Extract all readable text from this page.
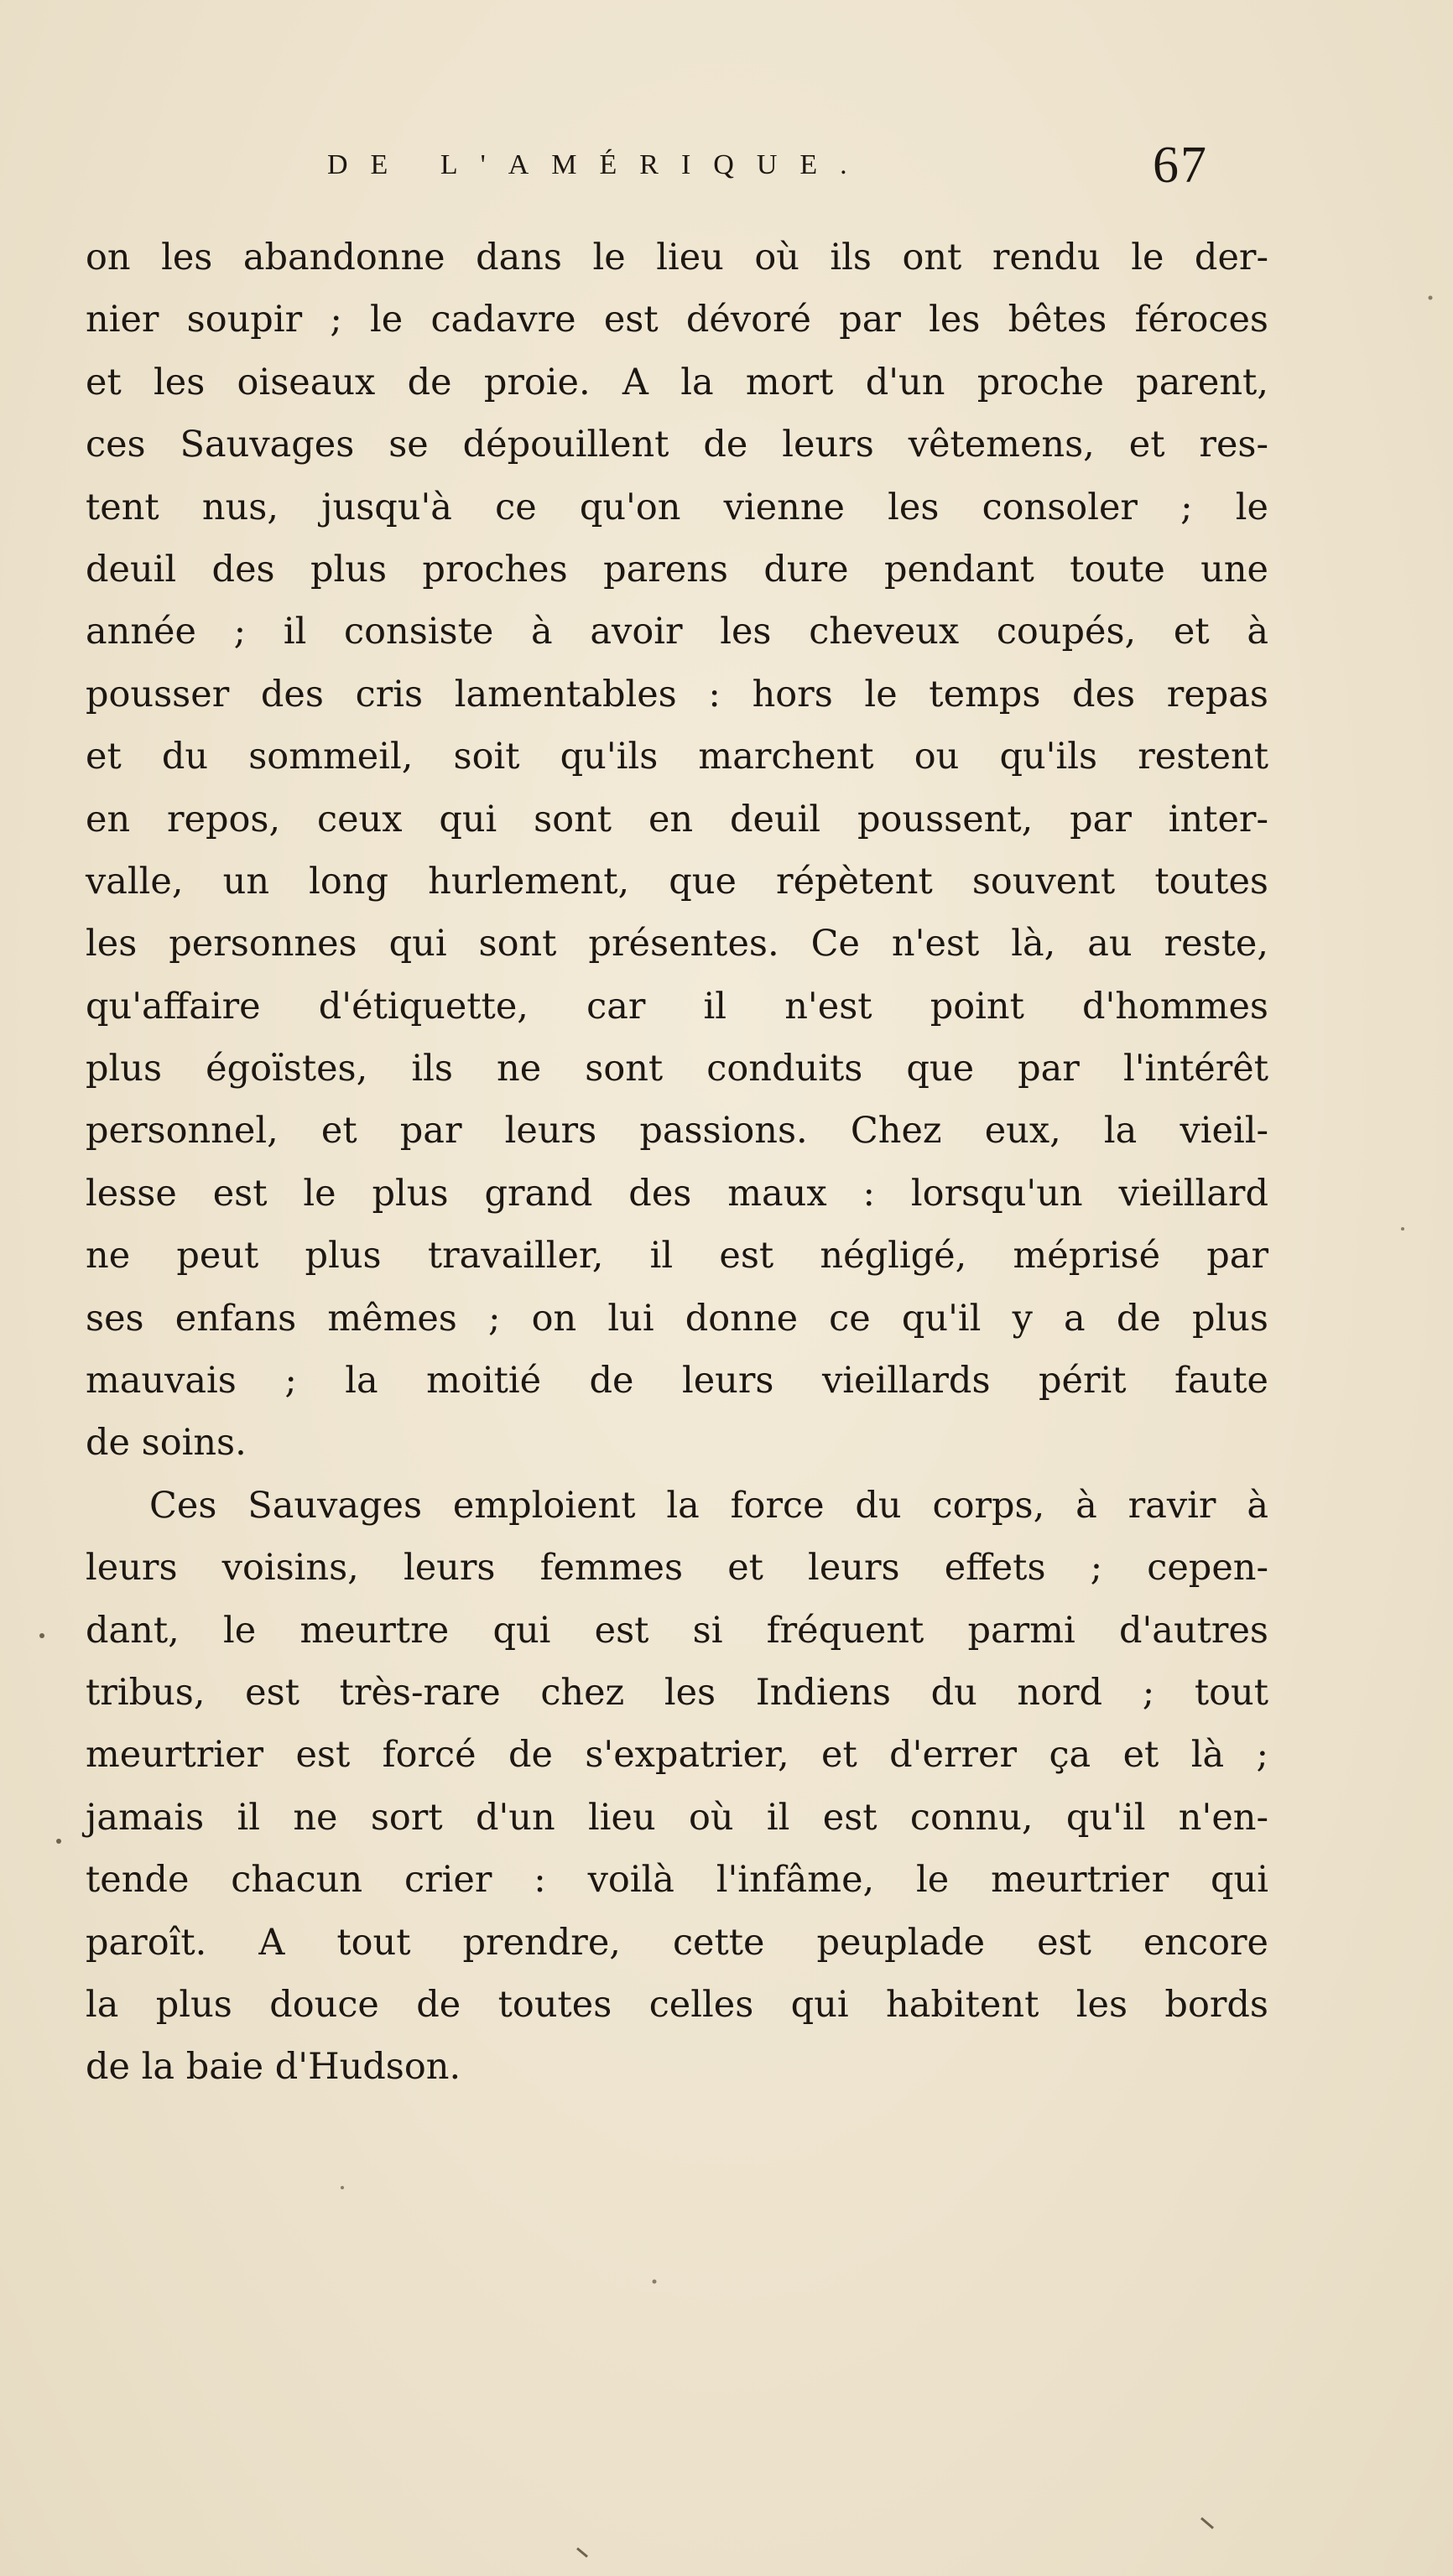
DE L'AMÉRIQUE.	67
on les abandonne dans le lieu où ils ont rendu le der-
nier soupir ; le cadavre est dévoré par les bêtes féroces
et les oiseaux de proie. A la mort d'un proche parent,
ces Sauvages se dépouillent de leurs vêtemens, et res-
tent nus, jusqu'à ce qu'on vienne les consoler ; le
deuil des plus proches parens dure pendant toute une
année ; il consiste à avoir les cheveux coupés, et à
pousser des cris lamentables : hors le temps des repas
et du sommeil, soit qu'ils marchent ou qu'ils restent
en repos, ceux qui sont en deuil poussent, par inter-
valle, un long hurlement, que répètent souvent toutes
les personnes qui sont présentes. Ce n'est là, au reste,
qu'affaire d'étiquette, car il n'est point d'hommes
plus égoïstes, ils ne sont conduits que par l'intérêt
personnel, et par leurs passions. Chez eux, la vieil-
lesse est le plus grand des maux : lorsqu'un vieillard
ne peut plus travailler, il est négligé, méprisé par
ses enfans mêmes ; on lui donne ce qu'il y a de plus
mauvais ; la moitié de leurs vieillards périt faute
de soins.
Ces Sauvages emploient la force du corps, à ravir à
leurs voisins, leurs femmes et leurs effets ; cepen-
dant, le meurtre qui est si fréquent parmi d'autres
tribus, est très-rare chez les Indiens du nord ; tout
meurtrier est forcé de s'expatrier, et d'errer ça et là ;
jamais il ne sort d'un lieu où il est connu, qu'il n'en-
tende chacun crier : voilà l'infâme, le meurtrier qui
paroît. A tout prendre, cette peuplade est encore
la plus douce de toutes celles qui habitent les bords
de la baie d'Hudson.
